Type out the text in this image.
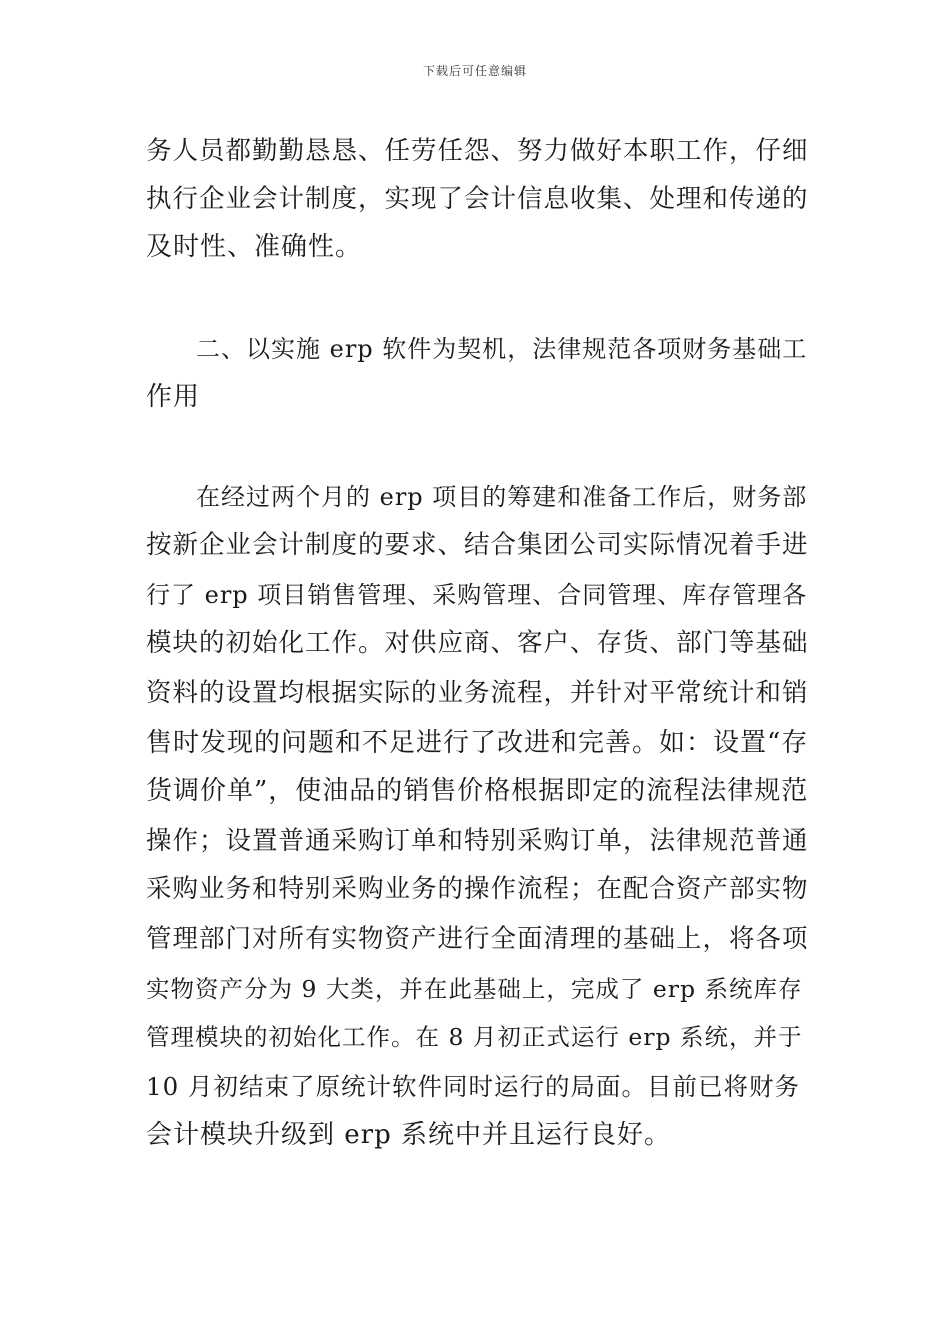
下载后可任意编辑
务人员都勤勤恳恳、任劳任怨、努力做好本职工作，仔细
执行企业会计制度，实现了会计信息收集、处理和传递的
及时性、准确性。
二、以实施 erp 软件为契机，法律规范各项财务基础工
作用
在经过两个月的 erp 项目的筹建和准备工作后，财务部
按新企业会计制度的要求、结合集团公司实际情况着手进
行了 erp 项目销售管理、采购管理、合同管理、库存管理各
模块的初始化工作。对供应商、客户、存货、部门等基础
资料的设置均根据实际的业务流程，并针对平常统计和销
售时发现的问题和不足进行了改进和完善。如：设置“存
货调价单”，使油品的销售价格根据即定的流程法律规范
操作；设置普通采购订单和特别采购订单，法律规范普通
采购业务和特别采购业务的操作流程；在配合资产部实物
管理部门对所有实物资产进行全面清理的基础上，将各项
实物资产分为 9 大类，并在此基础上，完成了 erp 系统库存
管理模块的初始化工作。在 8 月初正式运行 erp 系统，并于
10 月初结束了原统计软件同时运行的局面。目前已将财务
会计模块升级到 erp 系统中并且运行良好。
